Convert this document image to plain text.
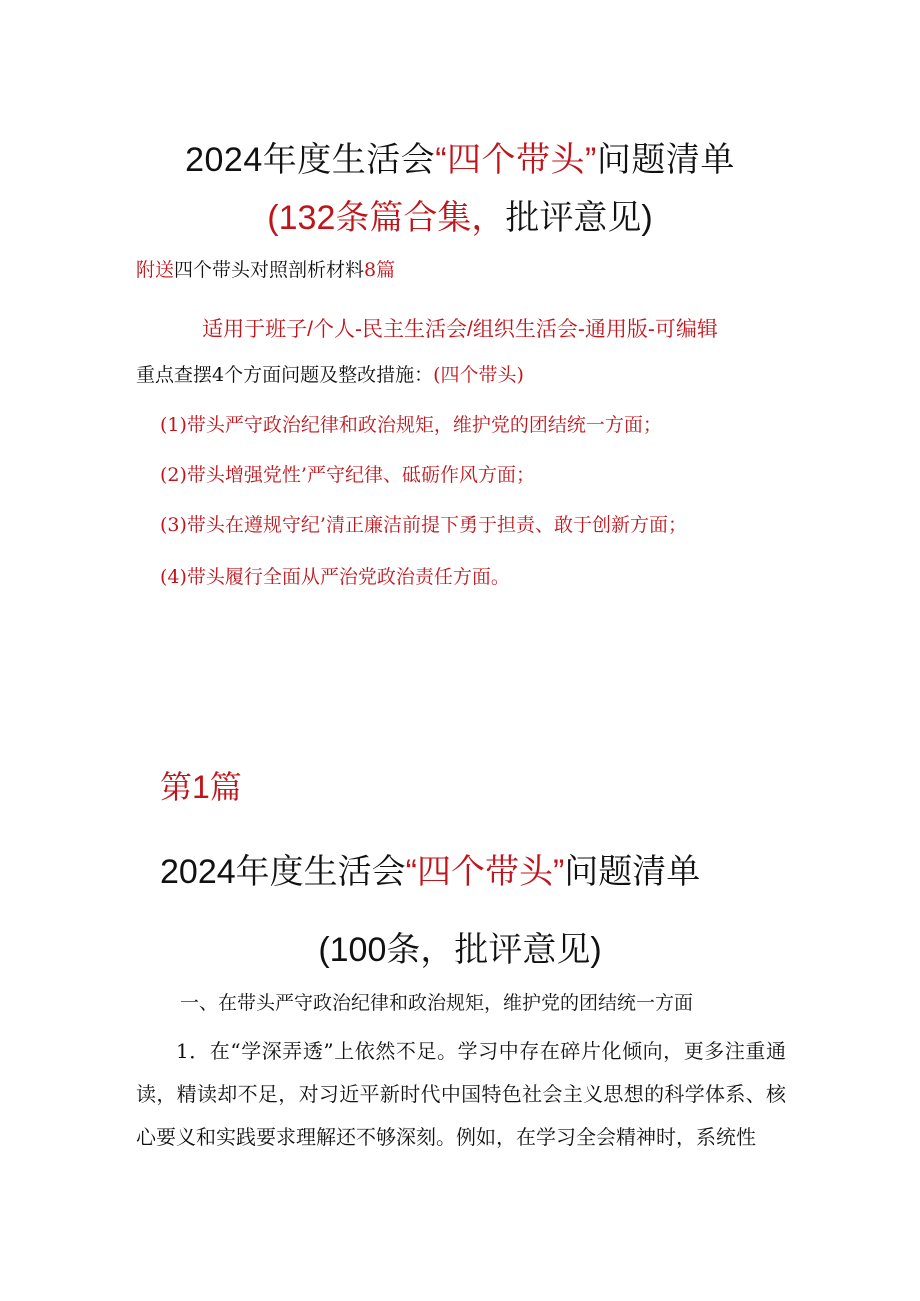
2024年度生活会“四个带头”问题清单
(132条篇合集，批评意见)
附送四个带头对照剖析材料8篇
适用于班子/个人-民主生活会/组织生活会-通用版-可编辑
重点查摆4个方面问题及整改措施：(四个带头)
(1)带头严守政治纪律和政治规矩，维护党的团结统一方面；
(2)带头增强党性’严守纪律、砥砺作风方面；
(3)带头在遵规守纪’清正廉洁前提下勇于担责、敢于创新方面；
(4)带头履行全面从严治党政治责任方面。
第1篇
2024年度生活会“四个带头”问题清单
(100条，批评意见)
一、在带头严守政治纪律和政治规矩，维护党的团结统一方面
1．在“学深弄透”上依然不足。学习中存在碎片化倾向，更多注重通读，精读却不足，对习近平新时代中国特色社会主义思想的科学体系、核心要义和实践要求理解还不够深刻。例如，在学习全会精神时，系统性
